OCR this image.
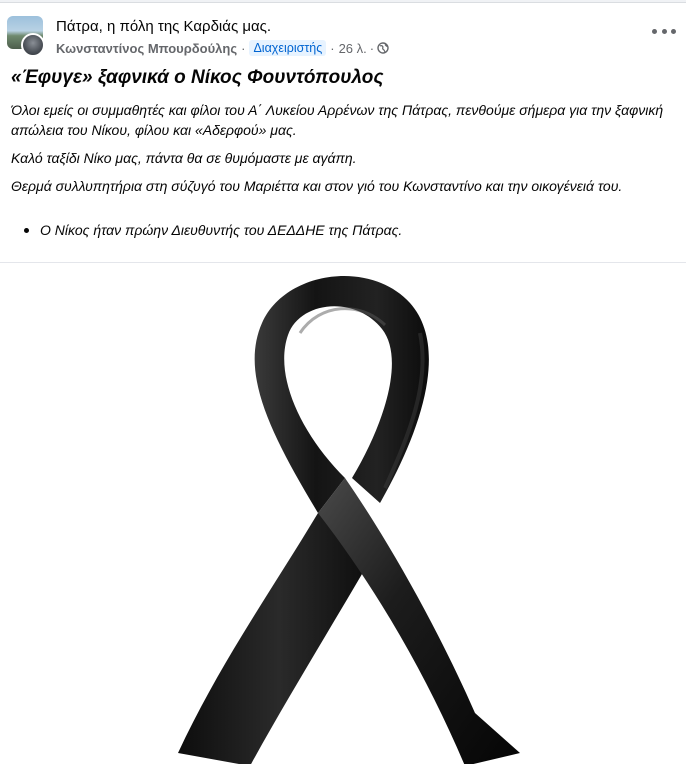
Πάτρα, η πόλη της Καρδιάς μας.
Κωνσταντίνος Μπουρδούλης · Διαχειριστής · 26 λ. ·
«Έφυγε» ξαφνικά ο Νίκος Φουντόπουλος

Όλοι εμείς οι συμμαθητές και φίλοι του Α΄ Λυκείου Αρρένων της Πάτρας, πενθούμε σήμερα για την ξαφνική απώλεια του Νίκου, φίλου και «Αδερφού» μας.

Καλό ταξίδι Νίκο μας, πάντα θα σε θυμόμαστε με αγάπη.

Θερμά συλλυπητήρια στη σύζυγό του Μαριέττα και στον γιό του Κωνσταντίνο και την οικογένειά του.

Ο Νίκος ήταν πρώην Διευθυντής του ΔΕΔΔΗΕ της Πάτρας.
